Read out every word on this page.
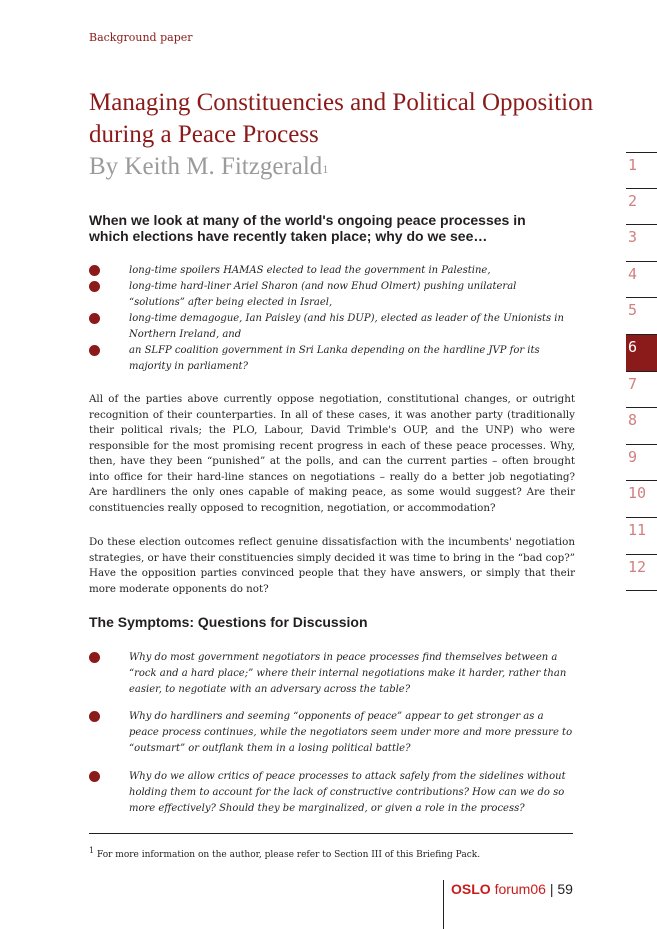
Background paper
Managing Constituencies and Political Opposition during a Peace Process
By Keith M. Fitzgerald$^1$
When we look at many of the world's ongoing peace processes in which elections have recently taken place; why do we see…

long-time spoilers HAMAS elected to lead the government in Palestine,

long-time hard-liner Ariel Sharon (and now Ehud Olmert) pushing unilateral “solutions” after being elected in Israel,

long-time demagogue, Ian Paisley (and his DUP), elected as leader of the Unionists in Northern Ireland, and

an SLFP coalition government in Sri Lanka depending on the hardline JVP for its majority in parliament?

All of the parties above currently oppose negotiation, constitutional changes, or outright recognition of their counterparties. In all of these cases, it was another party (traditionally their political rivals; the PLO, Labour, David Trimble's OUP, and the UNP) who were responsible for the most promising recent progress in each of these peace processes. Why, then, have they been “punished” at the polls, and can the current parties – often brought into office for their hard-line stances on negotiations – really do a better job negotiating? Are hardliners the only ones capable of making peace, as some would suggest? Are their constituencies really opposed to recognition, negotiation, or accommodation?

Do these election outcomes reflect genuine dissatisfaction with the incumbents' negotiation strategies, or have their constituencies simply decided it was time to bring in the “bad cop?” Have the opposition parties convinced people that they have answers, or simply that their more moderate opponents do not?

The Symptoms: Questions for Discussion

Why do most government negotiators in peace processes find themselves between a “rock and a hard place;” where their internal negotiations make it harder, rather than easier, to negotiate with an adversary across the table?

Why do hardliners and seeming “opponents of peace” appear to get stronger as a peace process continues, while the negotiators seem under more and more pressure to “outsmart” or outflank them in a losing political battle?

Why do we allow critics of peace processes to attack safely from the sidelines without holding them to account for the lack of constructive contributions? How can we do so more effectively? Should they be marginalized, or given a role in the process?

$^1$ For more information on the author, please refer to Section III of this Briefing Pack.
OSLO forum06 | 59
1
2
3
4
5
6
7
8
9
10
11
12
